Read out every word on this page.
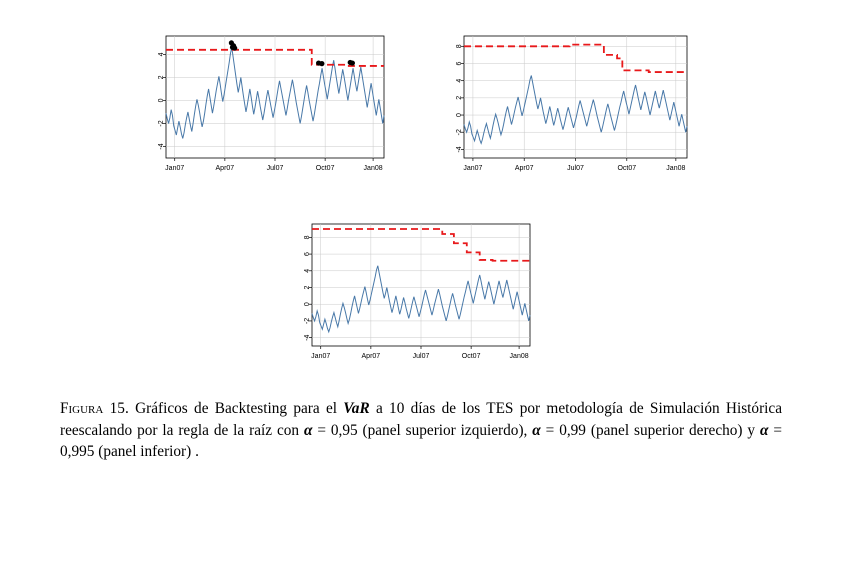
-4
-2
0
2
4
Jan07	Apr07	Jul07	Oct07	Jan08
-4
-2
0
2
4
6
8
Jan07	Apr07	Jul07	Oct07	Jan08
-4
-2
0
2
4
6
8
Jan07	Apr07	Jul07	Oct07	Jan08
Figura 15. Gráficos de Backtesting para el VaR a 10 días de los TES por metodología de Simulación Histórica reescalando por la regla de la raíz con α = 0,95 (panel superior izquierdo), α = 0,99 (panel superior derecho) y α = 0,995 (panel inferior) .
